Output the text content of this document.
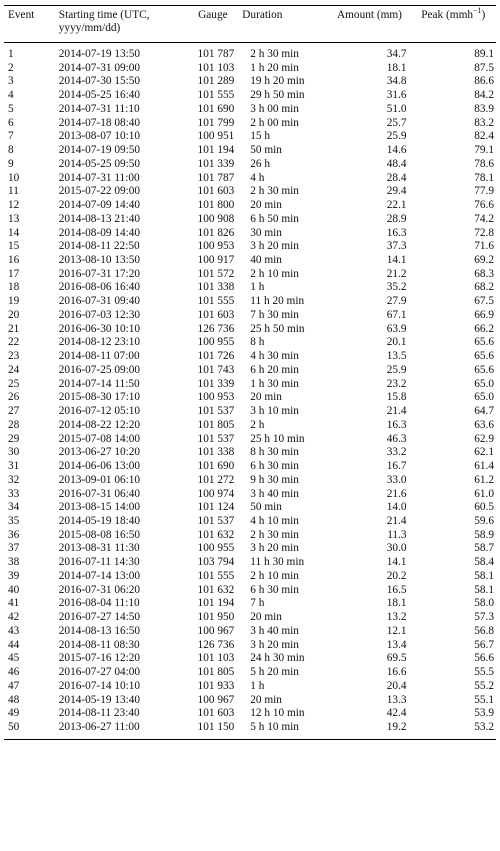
Event	Starting time (UTC,
yyyy/mm/dd)	Gauge	Duration	Amount (mm)	Peak (mmh$^{-1}$)
1	2014-07-19 13:50	101 787	2 h 30 min	34.7	89.1
2	2014-07-31 09:00	101 103	1 h 20 min	18.1	87.5
3	2014-07-30 15:50	101 289	19 h 20 min	34.8	86.6
4	2014-05-25 16:40	101 555	29 h 50 min	31.6	84.2
5	2014-07-31 11:10	101 690	3 h 00 min	51.0	83.9
6	2014-07-18 08:40	101 799	2 h 00 min	25.7	83.2
7	2013-08-07 10:10	100 951	15 h	25.9	82.4
8	2014-07-19 09:50	101 194	50 min	14.6	79.1
9	2014-05-25 09:50	101 339	26 h	48.4	78.6
10	2014-07-31 11:00	101 787	4 h	28.4	78.1
11	2015-07-22 09:00	101 603	2 h 30 min	29.4	77.9
12	2014-07-09 14:40	101 800	20 min	22.1	76.6
13	2014-08-13 21:40	100 908	6 h 50 min	28.9	74.2
14	2014-08-09 14:40	101 826	30 min	16.3	72.8
15	2014-08-11 22:50	100 953	3 h 20 min	37.3	71.6
16	2013-08-10 13:50	100 917	40 min	14.1	69.2
17	2016-07-31 17:20	101 572	2 h 10 min	21.2	68.3
18	2016-08-06 16:40	101 338	1 h	35.2	68.2
19	2016-07-31 09:40	101 555	11 h 20 min	27.9	67.5
20	2016-07-03 12:30	101 603	7 h 30 min	67.1	66.9
21	2016-06-30 10:10	126 736	25 h 50 min	63.9	66.2
22	2014-08-12 23:10	100 955	8 h	20.1	65.6
23	2014-08-11 07:00	101 726	4 h 30 min	13.5	65.6
24	2016-07-25 09:00	101 743	6 h 20 min	25.9	65.6
25	2014-07-14 11:50	101 339	1 h 30 min	23.2	65.0
26	2015-08-30 17:10	100 953	20 min	15.8	65.0
27	2016-07-12 05:10	101 537	3 h 10 min	21.4	64.7
28	2014-08-22 12:20	101 805	2 h	16.3	63.6
29	2015-07-08 14:00	101 537	25 h 10 min	46.3	62.9
30	2013-06-27 10:20	101 338	8 h 30 min	33.2	62.1
31	2014-06-06 13:00	101 690	6 h 30 min	16.7	61.4
32	2013-09-01 06:10	101 272	9 h 30 min	33.0	61.2
33	2016-07-31 06:40	100 974	3 h 40 min	21.6	61.0
34	2013-08-15 14:00	101 124	50 min	14.0	60.5
35	2014-05-19 18:40	101 537	4 h 10 min	21.4	59.6
36	2015-08-08 16:50	101 632	2 h 30 min	11.3	58.9
37	2013-08-31 11:30	100 955	3 h 20 min	30.0	58.7
38	2016-07-11 14:30	103 794	11 h 30 min	14.1	58.4
39	2014-07-14 13:00	101 555	2 h 10 min	20.2	58.1
40	2016-07-31 06:20	101 632	6 h 30 min	16.5	58.1
41	2016-08-04 11:10	101 194	7 h	18.1	58.0
42	2016-07-27 14:50	101 950	20 min	13.2	57.3
43	2014-08-13 16:50	100 967	3 h 40 min	12.1	56.8
44	2014-08-11 08:30	126 736	3 h 20 min	13.4	56.7
45	2015-07-16 12:20	101 103	24 h 30 min	69.5	56.6
46	2016-07-27 04:00	101 805	5 h 20 min	16.6	55.5
47	2016-07-14 10:10	101 933	1 h	20.4	55.2
48	2014-05-19 13:40	100 967	20 min	13.3	55.1
49	2014-08-11 23:40	101 603	12 h 10 min	42.4	53.9
50	2013-06-27 11:00	101 150	5 h 10 min	19.2	53.2
